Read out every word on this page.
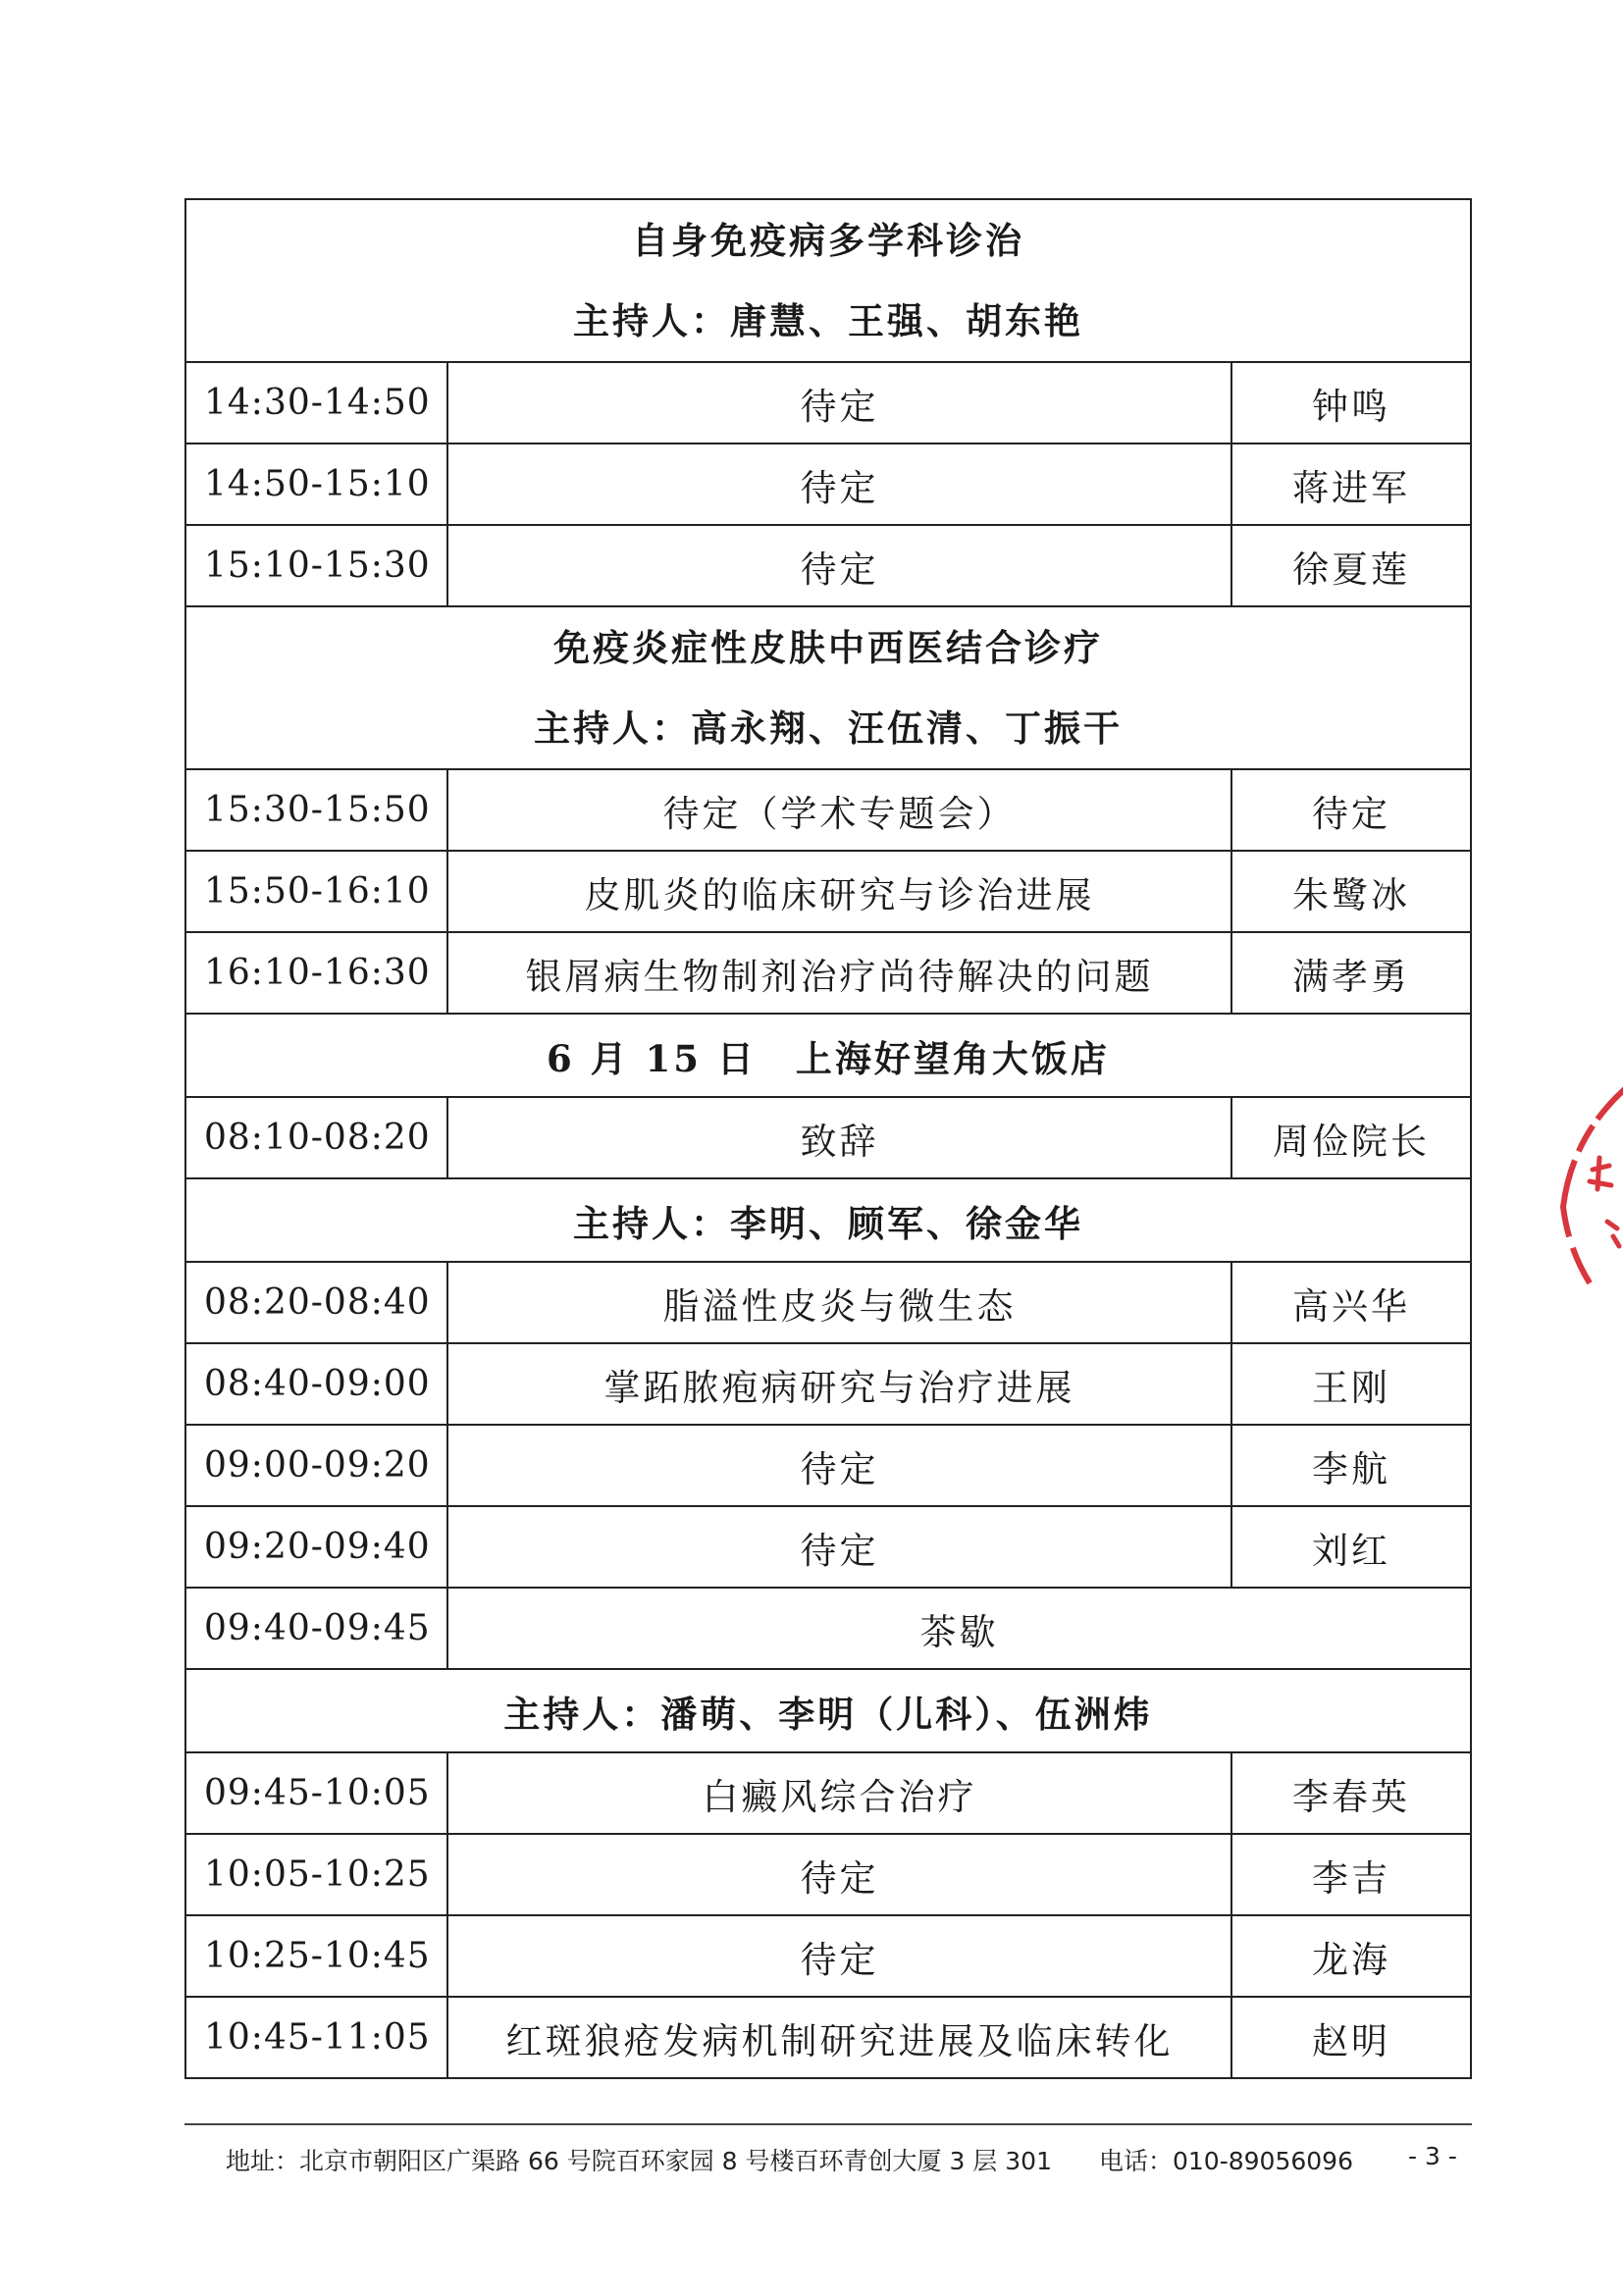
自身免疫病多学科诊治
主持人：唐慧、王强、胡东艳		

14:30-14:50	待定	钟鸣
14:50-15:10	待定	蒋进军
15:10-15:30	待定	徐夏莲

免疫炎症性皮肤中西医结合诊疗
主持人：高永翔、汪伍清、丁振干		

15:30-15:50	待定（学术专题会）	待定
15:50-16:10	皮肌炎的临床研究与诊治进展	朱鹭冰
16:10-16:30	银屑病生物制剂治疗尚待解决的问题	满孝勇
6 月 15 日　上海好望角大饭店		
08:10-08:20	致辞	周俭院长
主持人：李明、顾军、徐金华		
08:20-08:40	脂溢性皮炎与微生态	高兴华
08:40-09:00	掌跖脓疱病研究与治疗进展	王刚
09:00-09:20	待定	李航
09:20-09:40	待定	刘红
09:40-09:45	茶歇	
主持人：潘萌、李明（儿科）、伍洲炜		
09:45-10:05	白癜风综合治疗	李春英
10:05-10:25	待定	李吉
10:25-10:45	待定	龙海
10:45-11:05	红斑狼疮发病机制研究进展及临床转化	赵明
地址：北京市朝阳区广渠路 66 号院百环家园 8 号楼百环青创大厦 3 层 301 电话：010-89056096 - 3 -
